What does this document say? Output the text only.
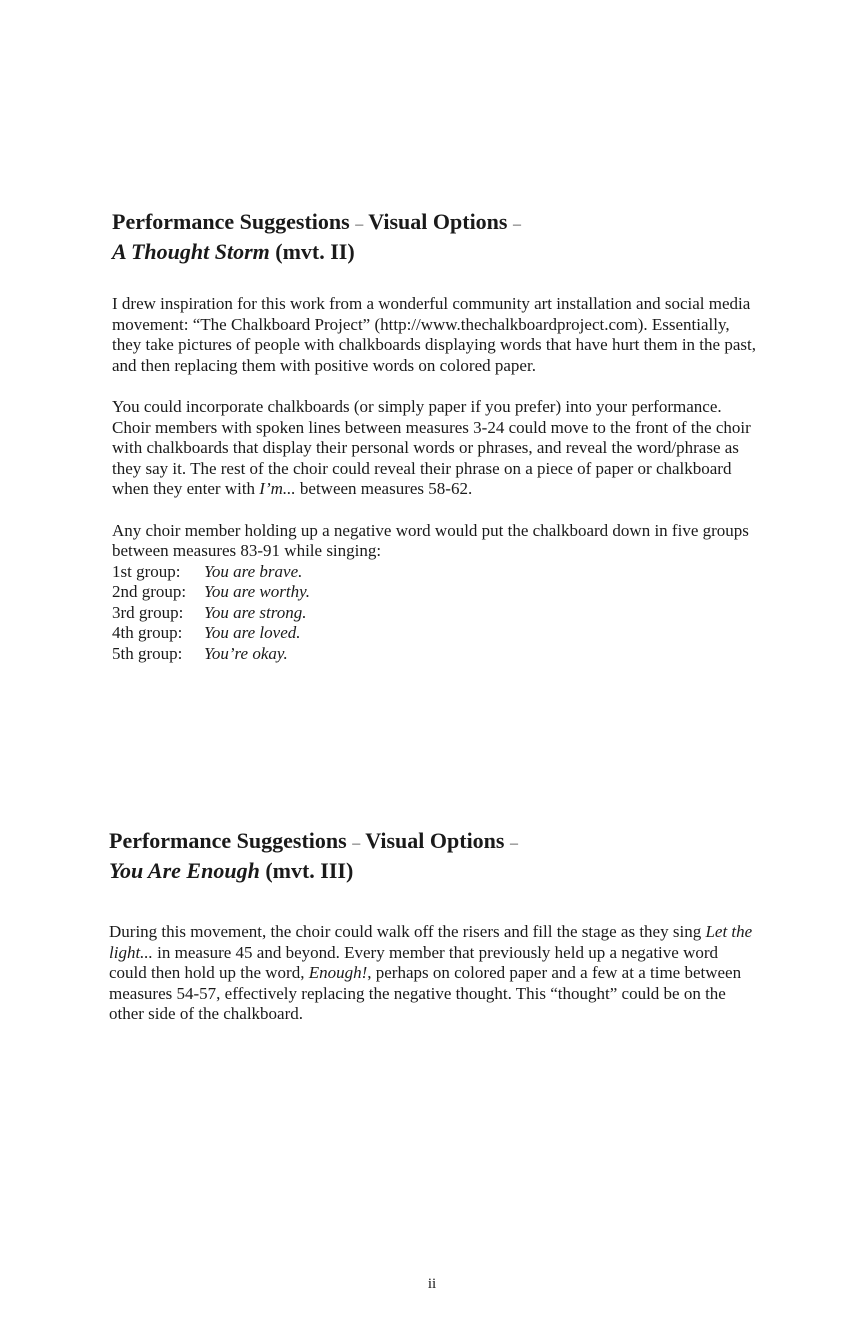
Performance Suggestions – Visual Options –
A Thought Storm (mvt. II)

I drew inspiration for this work from a wonderful community art installation and social media movement: “The Chalkboard Project” (http://www.thechalkboardproject.com). Essentially, they take pictures of people with chalkboards displaying words that have hurt them in the past, and then replacing them with positive words on colored paper.

You could incorporate chalkboards (or simply paper if you prefer) into your performance. Choir members with spoken lines between measures 3-24 could move to the front of the choir with chalkboards that display their personal words or phrases, and reveal the word/phrase as they say it. The rest of the choir could reveal their phrase on a piece of paper or chalkboard when they enter with I’m... between measures 58-62.

Any choir member holding up a negative word would put the chalkboard down in five groups between measures 83-91 while singing:

1st group:	You are brave.
2nd group:	You are worthy.
3rd group:	You are strong.
4th group:	You are loved.
5th group:	You’re okay.
Performance Suggestions – Visual Options –
You Are Enough (mvt. III)

During this movement, the choir could walk off the risers and fill the stage as they sing Let the light... in measure 45 and beyond. Every member that previously held up a negative word could then hold up the word, Enough!, perhaps on colored paper and a few at a time between measures 54-57, effectively replacing the negative thought. This “thought” could be on the other side of the chalkboard.

ii
